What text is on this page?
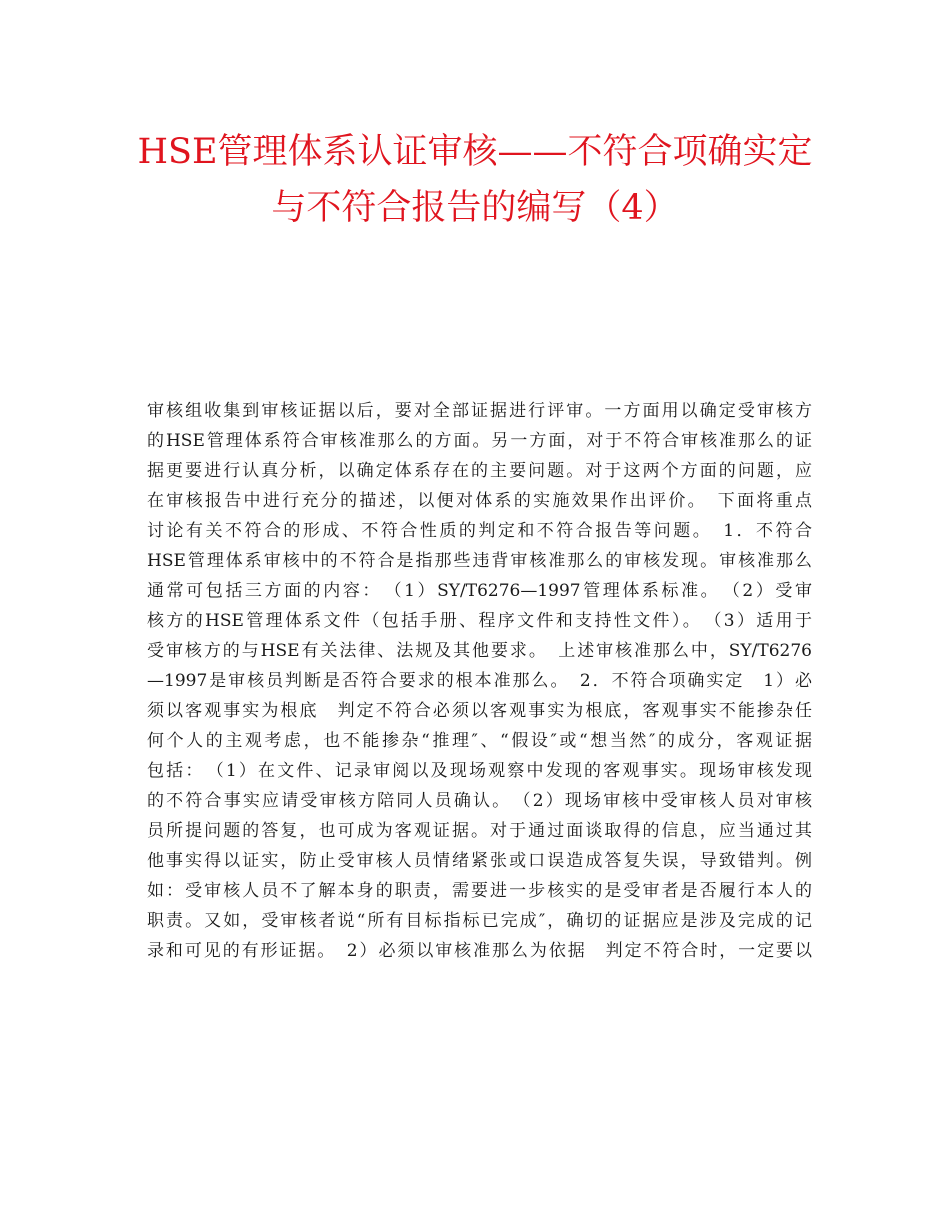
HSE管理体系认证审核——不符合项确实定
与不符合报告的编写（4）
审核组收集到审核证据以后，要对全部证据进行评审。一方面用以确定受审核方
的HSE管理体系符合审核准那么的方面。另一方面，对于不符合审核准那么的证
据更要进行认真分析，以确定体系存在的主要问题。对于这两个方面的问题，应
在审核报告中进行充分的描述，以便对体系的实施效果作出评价。　下面将重点
讨论有关不符合的形成、不符合性质的判定和不符合报告等问题。　1．不符合
HSE管理体系审核中的不符合是指那些违背审核准那么的审核发现。审核准那么
通常可包括三方面的内容：　（1）SY/T6276—1997管理体系标准。　（2）受审
核方的HSE管理体系文件（包括手册、程序文件和支持性文件）。　（3）适用于
受审核方的与HSE有关法律、法规及其他要求。　上述审核准那么中，SY/T6276
—1997是审核员判断是否符合要求的根本准那么。　2．不符合项确实定　1）必
须以客观事实为根底　判定不符合必须以客观事实为根底，客观事实不能掺杂任
何个人的主观考虑，也不能掺杂“推理″、“假设″或“想当然″的成分，客观证据
包括：　（1）在文件、记录审阅以及现场观察中发现的客观事实。现场审核发现
的不符合事实应请受审核方陪同人员确认。　（2）现场审核中受审核人员对审核
员所提问题的答复，也可成为客观证据。对于通过面谈取得的信息，应当通过其
他事实得以证实，防止受审核人员情绪紧张或口误造成答复失误，导致错判。例
如：受审核人员不了解本身的职责，需要进一步核实的是受审者是否履行本人的
职责。又如，受审核者说“所有目标指标已完成″，确切的证据应是涉及完成的记
录和可见的有形证据。　2）必须以审核准那么为依据　判定不符合时，一定要以
